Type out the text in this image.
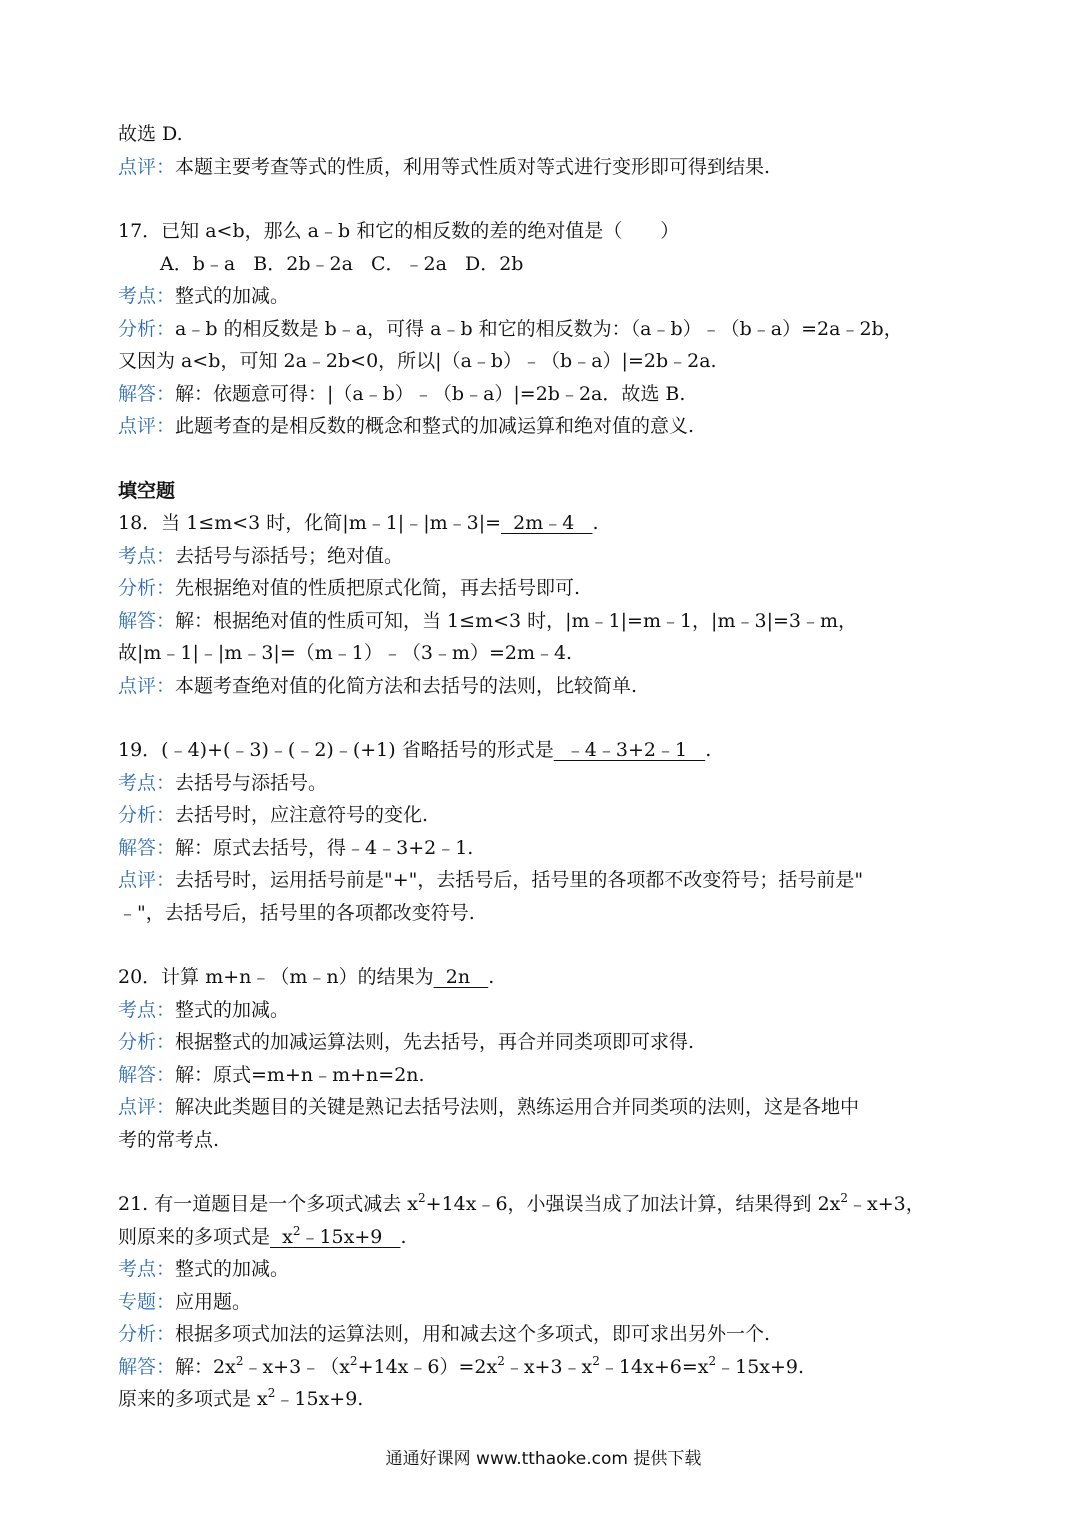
故选 D.
点评：本题主要考查等式的性质，利用等式性质对等式进行变形即可得到结果.
17．已知 a<b，那么 a﹣b 和它的相反数的差的绝对值是（　　）
A．b﹣a B．2b﹣2a C．﹣2a D．2b
考点：整式的加减。
分析：a﹣b 的相反数是 b﹣a，可得 a﹣b 和它的相反数为：（a﹣b）﹣（b﹣a）=2a﹣2b，
又因为 a<b，可知 2a﹣2b<0，所以|（a﹣b）﹣（b﹣a）|=2b﹣2a.
解答：解：依题意可得：|（a﹣b）﹣（b﹣a）|=2b﹣2a．故选 B.
点评：此题考查的是相反数的概念和整式的加减运算和绝对值的意义.
填空题
18．当 1≤m<3 时，化简|m﹣1|﹣|m﹣3|=  2m﹣4   .
考点：去括号与添括号；绝对值。
分析：先根据绝对值的性质把原式化简，再去括号即可.
解答：解：根据绝对值的性质可知，当 1≤m<3 时，|m﹣1|=m﹣1，|m﹣3|=3﹣m，
故|m﹣1|﹣|m﹣3|=（m﹣1）﹣（3﹣m）=2m﹣4.
点评：本题考查绝对值的化简方法和去括号的法则，比较简单.
19．(﹣4)+(﹣3)﹣(﹣2)﹣(+1) 省略括号的形式是  ﹣4﹣3+2﹣1   .
考点：去括号与添括号。
分析：去括号时，应注意符号的变化.
解答：解：原式去括号，得﹣4﹣3+2﹣1.
点评：去括号时，运用括号前是"+"，去括号后，括号里的各项都不改变符号；括号前是"
﹣"，去括号后，括号里的各项都改变符号.
20．计算 m+n﹣（m﹣n）的结果为  2n   .
考点：整式的加减。
分析：根据整式的加减运算法则，先去括号，再合并同类项即可求得.
解答：解：原式=m+n﹣m+n=2n.
点评：解决此类题目的关键是熟记去括号法则，熟练运用合并同类项的法则，这是各地中
考的常考点.
21. 有一道题目是一个多项式减去 $x^2+14x﹣6$，小强误当成了加法计算，结果得到 $2x^2﹣x+3$，
则原来的多项式是  $x^2﹣15x+9$   .
考点：整式的加减。
专题：应用题。
分析：根据多项式加法的运算法则，用和减去这个多项式，即可求出另外一个.
解答：解：$2x^2﹣x+3﹣(x^2+14x﹣6)=2x^2﹣x+3﹣x^2﹣14x+6=x^2﹣15x+9$.
原来的多项式是 $x^2﹣15x+9$.
通通好课网 www.tthaoke.com 提供下载
